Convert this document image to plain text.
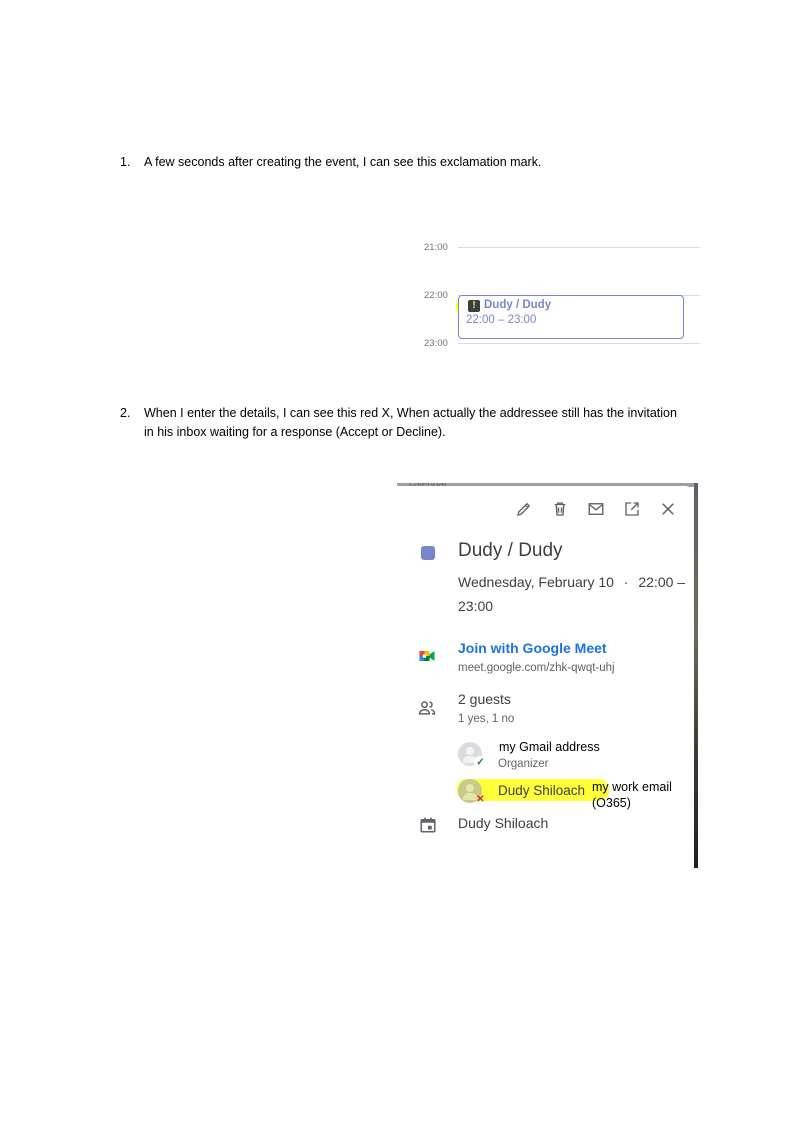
1. A few seconds after creating the event, I can see this exclamation mark.
21:00
22:00
23:00
! Dudy / Dudy
22:00 – 23:00
2. When I enter the details, I can see this red X, When actually the addressee still has the invitation in his inbox waiting for a response (Accept or Decline).
Dudy / Dudy
Wednesday, February 10 · 22:00 – 23:00
Join with Google Meet
meet.google.com/zhk-qwqt-uhj
2 guests
1 yes, 1 no
✓
my Gmail address
Organizer
✕
Dudy Shiloach my work email (O365)
Dudy Shiloach
